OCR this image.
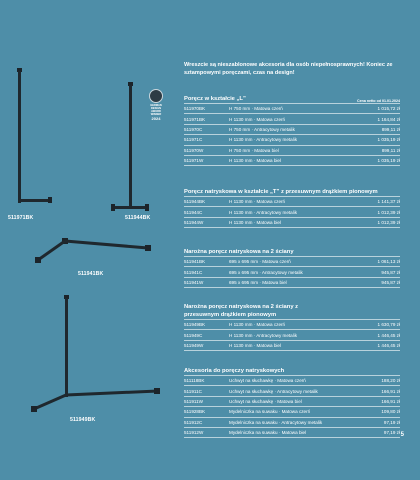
511971BK
GERMAN DESIGN AWARD WINNER
2024
511944BK
511941BK
511949BK
Wreszcie są nieszablonowe akcesoria dla osób niepełnosprawnych! Koniec ze sztampowymi poręczami, czas na design!
Poręcz w kształcie „L”	Cena netto od 01.01.2024
511970BK	H 750 mm · Matowa czerń	1 015,72 zł
511971BK	H 1130 mm · Matowa czerń	1 164,84 zł
511970C	H 750 mm · Antracytowy metalik	899,11 zł
511971C	H 1130 mm · Antracytowy metalik	1 035,19 zł
511970W	H 750 mm · Matowa biel	899,11 zł
511971W	H 1130 mm · Matowa biel	1 035,19 zł
Poręcz natryskowa w kształcie „T” z przesuwnym drążkiem pionowym
511944BK	H 1130 mm · Matowa czerń	1 141,37 zł
511944C	H 1130 mm · Antracytowy metalik	1 012,39 zł
511944W	H 1130 mm · Matowa biel	1 012,39 zł
Narożna poręcz natryskowa na 2 ściany
511941BK	695 x 695 mm · Matowa czerń	1 061,13 zł
511941C	695 x 695 mm · Antracytowy metalik	945,87 zł
511941W	695 x 695 mm · Matowa biel	945,87 zł
Narożna poręcz natryskowa na 2 ściany z przesuwnym drążkiem pionowym
511949BK	H 1130 mm · Matowa czerń	1 630,79 zł
511949C	H 1130 mm · Antracytowy metalik	1 446,45 zł
511949W	H 1130 mm · Matowa biel	1 446,45 zł
Akcesoria do poręczy natryskowych
511118BK	Uchwyt na słuchawkę · Matowa czerń	188,20 zł
511911C	Uchwyt na słuchawkę · Antracytowy metalik	166,91 zł
511911W	Uchwyt na słuchawkę · Matowa biel	166,91 zł
511928BK	Mydelniczka na suwaku · Matowa czerń	109,80 zł
511912C	Mydelniczka na suwaku · Antracytowy metalik	97,19 zł
511912W	Mydelniczka na suwaku · Matowa biel	97,19 zł 5
